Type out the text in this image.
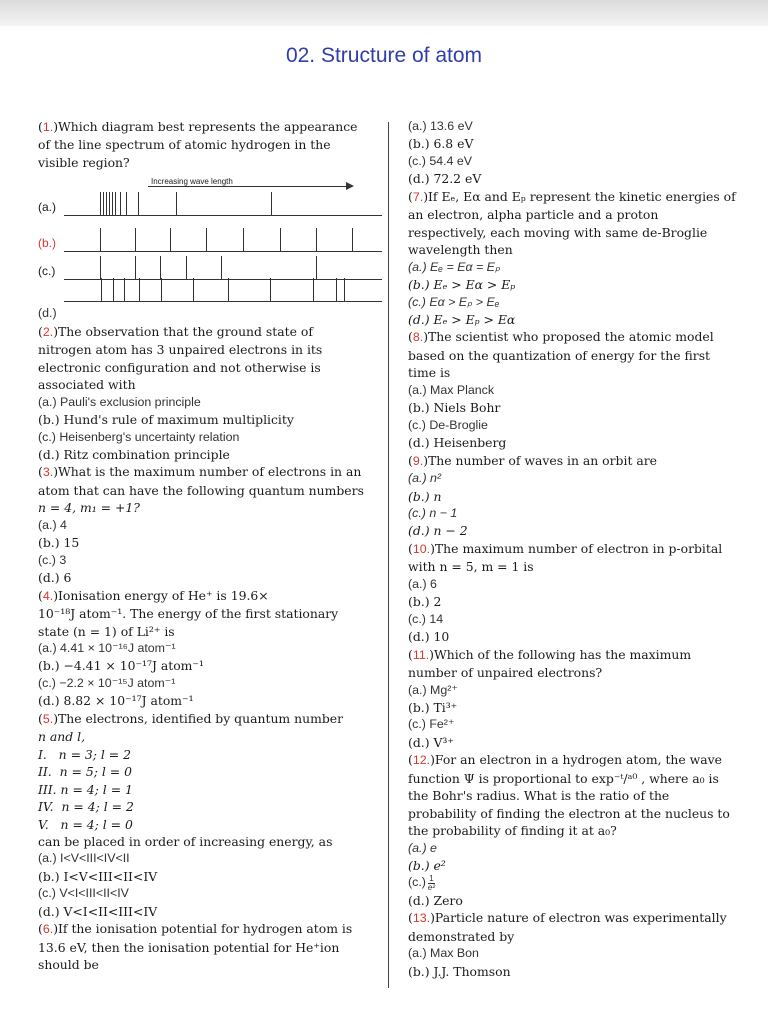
02. Structure of atom
(1.)Which diagram best represents the appearance
of the line spectrum of atomic hydrogen in the
visible region?
Increasing wave length
(a.)
(b.)
(c.)
(d.)
(2.)The observation that the ground state of
nitrogen atom has 3 unpaired electrons in its
electronic configuration and not otherwise is
associated with
(a.) Pauli's exclusion principle
(b.) Hund's rule of maximum multiplicity
(c.) Heisenberg's uncertainty relation
(d.) Ritz combination principle
(3.)What is the maximum number of electrons in an
atom that can have the following quantum numbers
n = 4, m₁ = +1?
(a.) 4
(b.) 15
(c.) 3
(d.) 6
(4.)Ionisation energy of He⁺ is 19.6×
10⁻¹⁸J atom⁻¹. The energy of the first stationary
state (n = 1) of Li²⁺ is
(a.) 4.41 × 10⁻¹⁶J atom⁻¹
(b.) −4.41 × 10⁻¹⁷J atom⁻¹
(c.) −2.2 × 10⁻¹⁵J atom⁻¹
(d.) 8.82 × 10⁻¹⁷J atom⁻¹
(5.)The electrons, identified by quantum number
n and l,
I.   n = 3; l = 2
II.  n = 5; l = 0
III. n = 4; l = 1
IV.  n = 4; l = 2
V.   n = 4; l = 0
can be placed in order of increasing energy, as
(a.) I<V<III<IV<II
(b.) I<V<III<II<IV
(c.) V<I<III<II<IV
(d.) V<I<II<III<IV
(6.)If the ionisation potential for hydrogen atom is
13.6 eV, then the ionisation potential for He⁺ion
should be
(a.) 13.6 eV
(b.) 6.8 eV
(c.) 54.4 eV
(d.) 72.2 eV
(7.)If Eₑ, Eα and Eₚ represent the kinetic energies of
an electron, alpha particle and a proton
respectively, each moving with same de-Broglie
wavelength then
(a.) Eₑ = Eα = Eₚ
(b.) Eₑ > Eα > Eₚ
(c.) Eα > Eₚ > Eₑ
(d.) Eₑ > Eₚ > Eα
(8.)The scientist who proposed the atomic model
based on the quantization of energy for the first
time is
(a.) Max Planck
(b.) Niels Bohr
(c.) De-Broglie
(d.) Heisenberg
(9.)The number of waves in an orbit are
(a.) n²
(b.) n
(c.) n − 1
(d.) n − 2
(10.)The maximum number of electron in p-orbital
with n = 5, m = 1 is
(a.) 6
(b.) 2
(c.) 14
(d.) 10
(11.)Which of the following has the maximum
number of unpaired electrons?
(a.) Mg²⁺
(b.) Ti³⁺
(c.) Fe²⁺
(d.) V³⁺
(12.)For an electron in a hydrogen atom, the wave
function Ψ is proportional to exp⁻ᵗ/ᵃ⁰ , where a₀ is
the Bohr's radius. What is the ratio of the
probability of finding the electron at the nucleus to
the probability of finding it at a₀?
(a.) e
(b.) e²
$(c.) \frac{1}{\text{e²}}$
(d.) Zero
(13.)Particle nature of electron was experimentally
demonstrated by
(a.) Max Bon
(b.) J.J. Thomson
